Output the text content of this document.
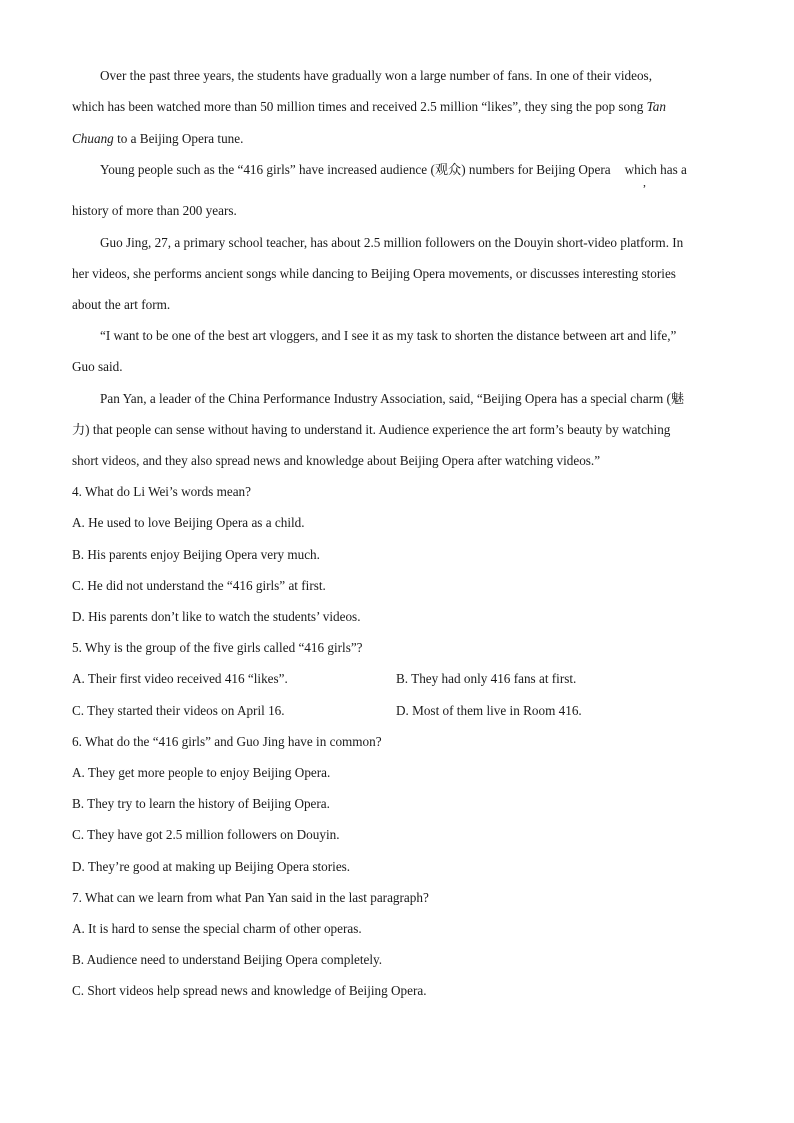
Over the past three years, the students have gradually won a large number of fans. In one of their videos,
which has been watched more than 50 million times and received 2.5 million “likes”, they sing the pop song Tan
Chuang to a Beijing Opera tune.
Young people such as the “416 girls” have increased audience (观众) numbers for Beijing Opera which has a
,
history of more than 200 years.
Guo Jing, 27, a primary school teacher, has about 2.5 million followers on the Douyin short-video platform. In
her videos, she performs ancient songs while dancing to Beijing Opera movements, or discusses interesting stories
about the art form.
“I want to be one of the best art vloggers, and I see it as my task to shorten the distance between art and life,”
Guo said.
Pan Yan, a leader of the China Performance Industry Association, said, “Beijing Opera has a special charm (魅
力) that people can sense without having to understand it. Audience experience the art form’s beauty by watching
short videos, and they also spread news and knowledge about Beijing Opera after watching videos.”
4. What do Li Wei’s words mean?
A. He used to love Beijing Opera as a child.
B. His parents enjoy Beijing Opera very much.
C. He did not understand the “416 girls” at first.
D. His parents don’t like to watch the students’ videos.
5. Why is the group of the five girls called “416 girls”?
A. Their first video received 416 “likes”.	B. They had only 416 fans at first.
C. They started their videos on April 16.	D. Most of them live in Room 416.
6. What do the “416 girls” and Guo Jing have in common?
A. They get more people to enjoy Beijing Opera.
B. They try to learn the history of Beijing Opera.
C. They have got 2.5 million followers on Douyin.
D. They’re good at making up Beijing Opera stories.
7. What can we learn from what Pan Yan said in the last paragraph?
A. It is hard to sense the special charm of other operas.
B. Audience need to understand Beijing Opera completely.
C. Short videos help spread news and knowledge of Beijing Opera.
